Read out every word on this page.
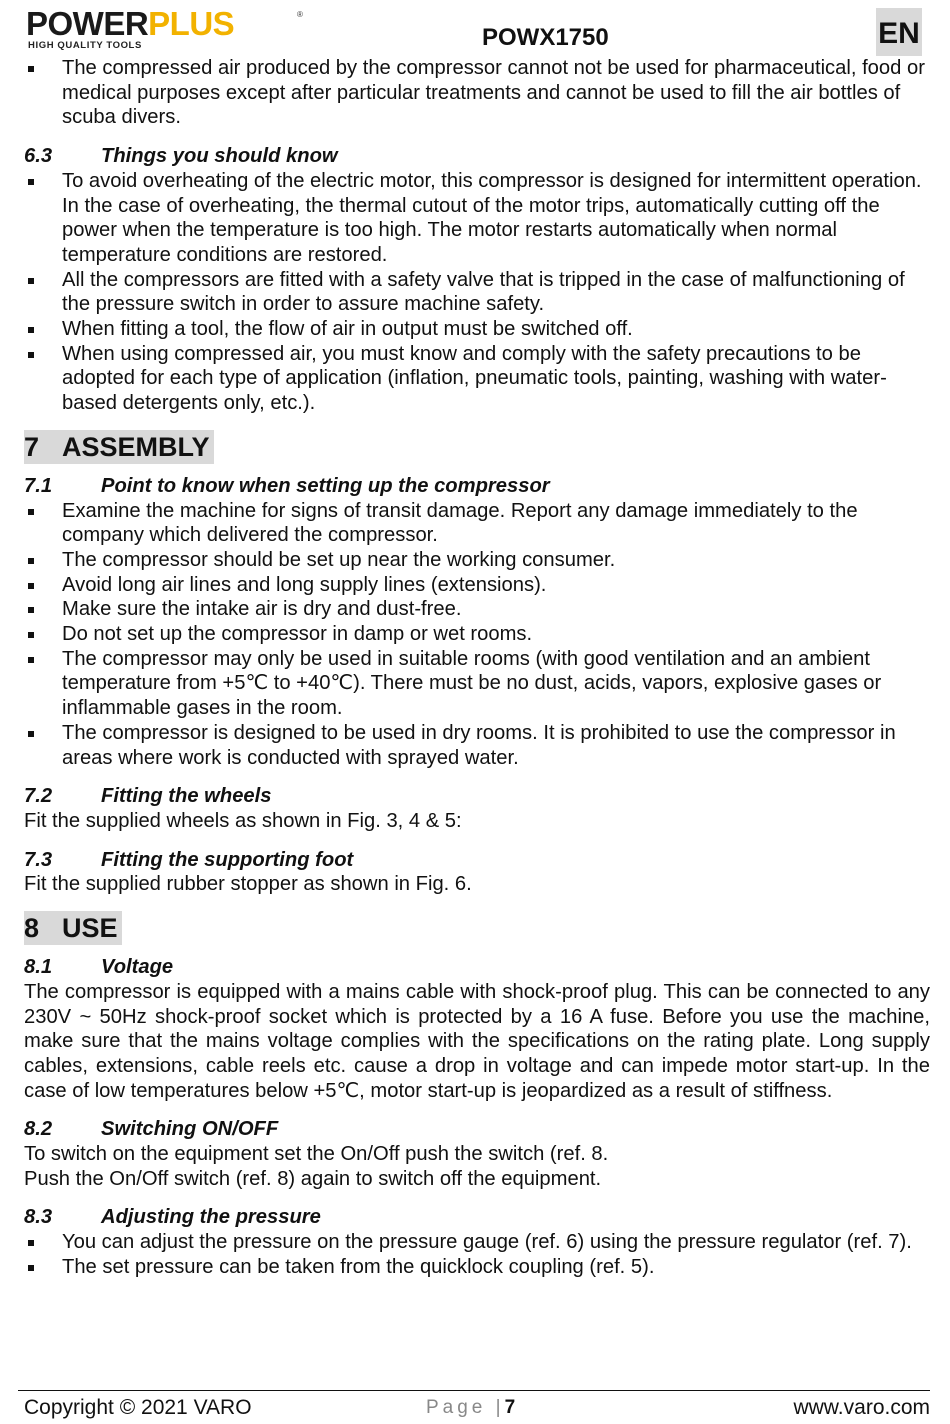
POWERPLUS	®
HIGH QUALITY TOOLS	POWX1750	EN
The compressed air produced by the compressor cannot not be used for pharmaceutical, food or medical purposes except after particular treatments and cannot be used to fill the air bottles of scuba divers.
6.3	Things you should know
To avoid overheating of the electric motor, this compressor is designed for intermittent operation. In the case of overheating, the thermal cutout of the motor trips, automatically cutting off the power when the temperature is too high. The motor restarts automatically when normal temperature conditions are restored.
All the compressors are fitted with a safety valve that is tripped in the case of malfunctioning of the pressure switch in order to assure machine safety.
When fitting a tool, the flow of air in output must be switched off.
When using compressed air, you must know and comply with the safety precautions to be adopted for each type of application (inflation, pneumatic tools, painting, washing with water-based detergents only, etc.).
7 ASSEMBLY
7.1	Point to know when setting up the compressor
Examine the machine for signs of transit damage. Report any damage immediately to the company which delivered the compressor.
The compressor should be set up near the working consumer.
Avoid long air lines and long supply lines (extensions).
Make sure the intake air is dry and dust-free.
Do not set up the compressor in damp or wet rooms.
The compressor may only be used in suitable rooms (with good ventilation and an ambient temperature from +5℃ to +40℃). There must be no dust, acids, vapors, explosive gases or inflammable gases in the room.
The compressor is designed to be used in dry rooms. It is prohibited to use the compressor in areas where work is conducted with sprayed water.
7.2	Fitting the wheels

Fit the supplied wheels as shown in Fig. 3, 4 & 5:

7.3	Fitting the supporting foot

Fit the supplied rubber stopper as shown in Fig. 6.

8 USE
8.1	Voltage

The compressor is equipped with a mains cable with shock-proof plug. This can be connected to any 230V ~ 50Hz shock-proof socket which is protected by a 16 A fuse. Before you use the machine, make sure that the mains voltage complies with the specifications on the rating plate. Long supply cables, extensions, cable reels etc. cause a drop in voltage and can impede motor start-up. In the case of low temperatures below +5℃, motor start-up is jeopardized as a result of stiffness.

8.2	Switching ON/OFF

To switch on the equipment set the On/Off push the switch (ref. 8.

Push the On/Off switch (ref. 8) again to switch off the equipment.

8.3	Adjusting the pressure
You can adjust the pressure on the pressure gauge (ref. 6) using the pressure regulator (ref. 7).
The set pressure can be taken from the quicklock coupling (ref. 5).
Copyright © 2021 VARO	Page |7	www.varo.com
